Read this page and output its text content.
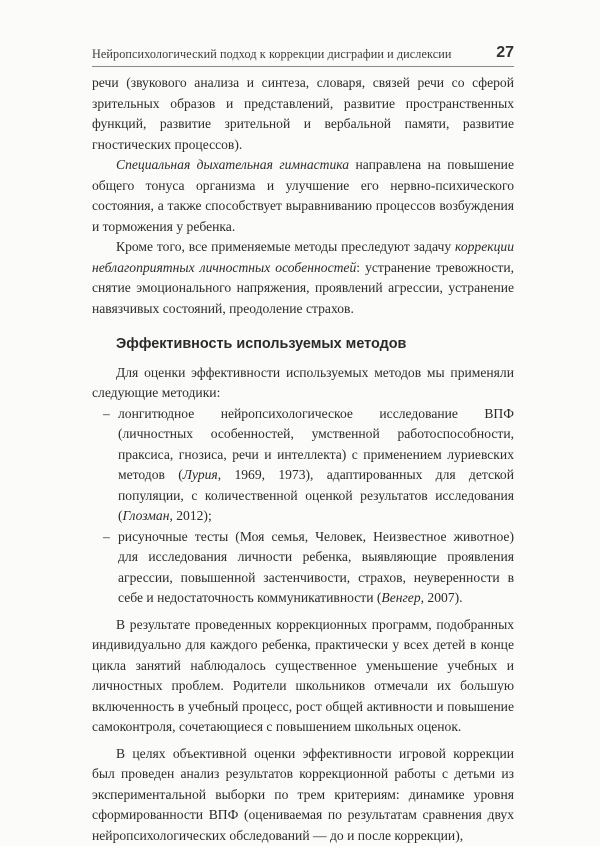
Нейропсихологический подход к коррекции дисграфии и дислексии	27

речи (звукового анализа и синтеза, словаря, связей речи со сферой зрительных образов и представлений, развитие пространственных функций, развитие зрительной и вербальной памяти, развитие гностических процессов).

Специальная дыхательная гимнастика направлена на повышение общего тонуса организма и улучшение его нервно-психического состояния, а также способствует выравниванию процессов возбуждения и торможения у ребенка.

Кроме того, все применяемые методы преследуют задачу коррекции неблагоприятных личностных особенностей: устранение тревожности, снятие эмоционального напряжения, проявлений агрессии, устранение навязчивых состояний, преодоление страхов.

Эффективность используемых методов

Для оценки эффективности используемых методов мы применяли следующие методики:

– лонгитюдное нейропсихологическое исследование ВПФ (личностных особенностей, умственной работоспособности, праксиса, гнозиса, речи и интеллекта) с применением луриевских методов (Лурия, 1969, 1973), адаптированных для детской популяции, с количественной оценкой результатов исследования (Глозман, 2012);
– рисуночные тесты (Моя семья, Человек, Неизвестное животное) для исследования личности ребенка, выявляющие проявления агрессии, повышенной застенчивости, страхов, неуверенности в себе и недостаточность коммуникативности (Венгер, 2007).

В результате проведенных коррекционных программ, подобранных индивидуально для каждого ребенка, практически у всех детей в конце цикла занятий наблюдалось существенное уменьшение учебных и личностных проблем. Родители школьников отмечали их большую включенность в учебный процесс, рост общей активности и повышение самоконтроля, сочетающиеся с повышением школьных оценок.

В целях объективной оценки эффективности игровой коррекции был проведен анализ результатов коррекционной работы с детьми из экспериментальной выборки по трем критериям: динамике уровня сформированности ВПФ (оцениваемая по результатам сравнения двух нейропсихологических обследований — до и после коррекции),
